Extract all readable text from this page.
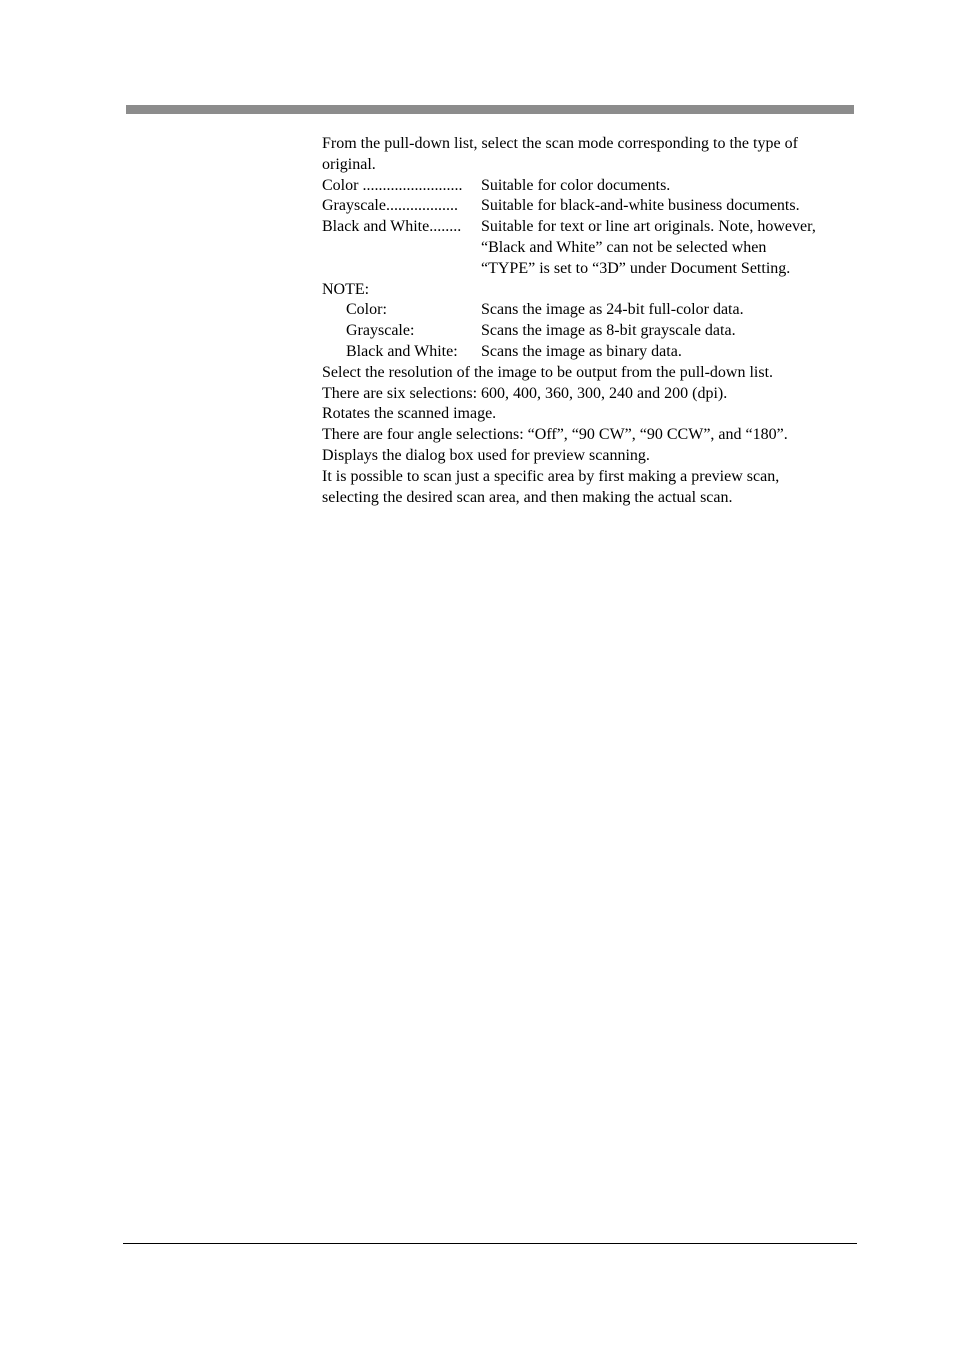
From the pull-down list, select the scan mode corresponding to the type of
original.
Color .........................	Suitable for color documents.
Grayscale..................	Suitable for black-and-white business documents.
Black and White........	Suitable for text or line art originals. Note, however,
“Black and White” can not be selected when
“TYPE” is set to “3D” under Document Setting.
NOTE:
Color:	Scans the image as 24-bit full-color data.
Grayscale:	Scans the image as 8-bit grayscale data.
Black and White:	Scans the image as binary data.
Select the resolution of the image to be output from the pull-down list.
There are six selections: 600, 400, 360, 300, 240 and 200 (dpi).
Rotates the scanned image.
There are four angle selections: “Off”, “90 CW”, “90 CCW”, and “180”.
Displays the dialog box used for preview scanning.
It is possible to scan just a specific area by first making a preview scan,
selecting the desired scan area, and then making the actual scan.
